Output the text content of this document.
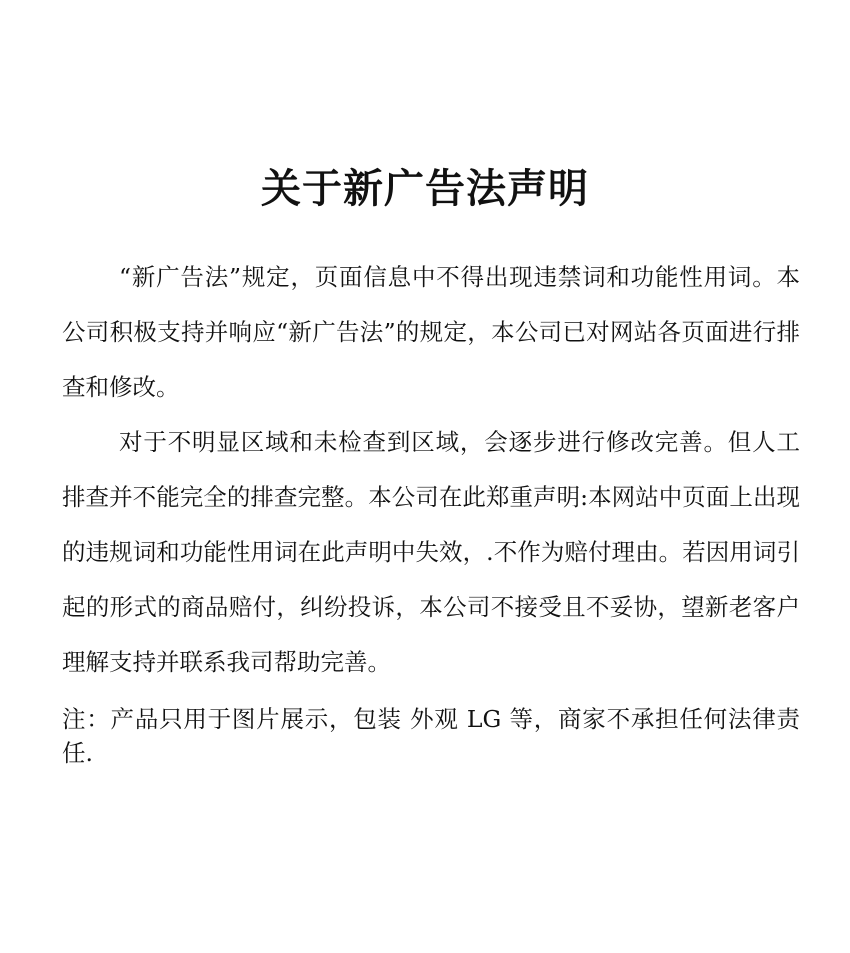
关于新广告法声明

“新广告法”规定，页面信息中不得出现违禁词和功能性用词。本公司积极支持并响应“新广告法”的规定，本公司已对网站各页面进行排查和修改。

对于不明显区域和未检查到区域，会逐步进行修改完善。但人工排查并不能完全的排查完整。本公司在此郑重声明:本网站中页面上出现的违规词和功能性用词在此声明中失效，.不作为赔付理由。若因用词引起的形式的商品赔付，纠纷投诉，本公司不接受且不妥协，望新老客户理解支持并联系我司帮助完善。

注：产品只用于图片展示，包装 外观 LG 等，商家不承担任何法律责任.
